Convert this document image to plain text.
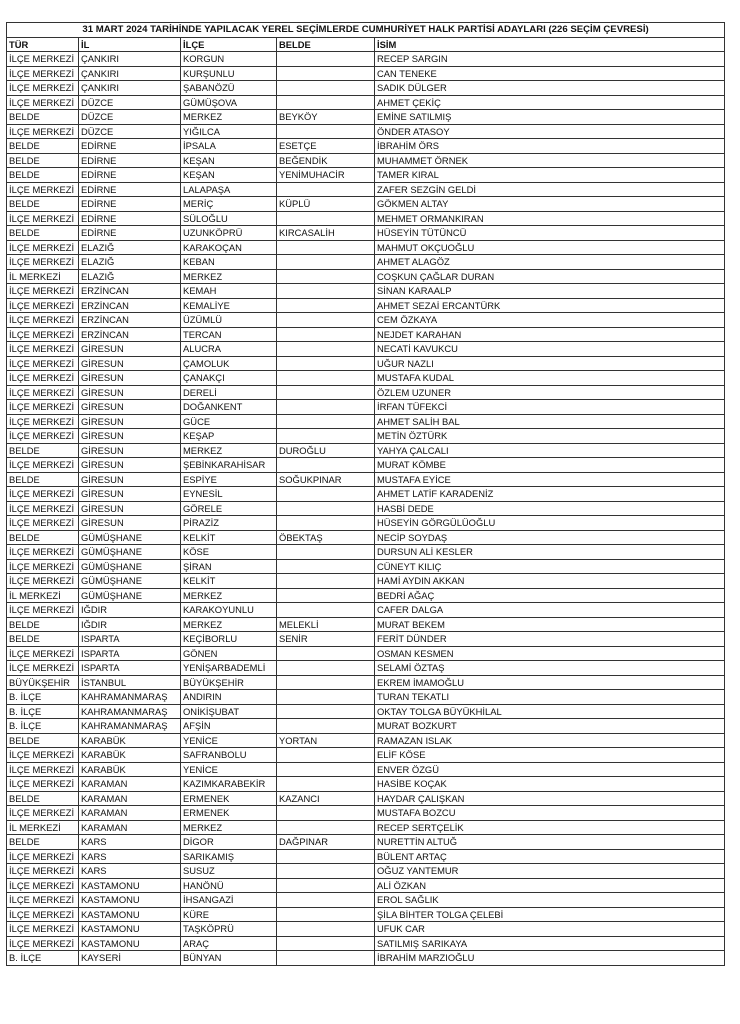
31 MART 2024 TARİHİNDE YAPILACAK YEREL SEÇİMLERDE CUMHURİYET HALK PARTİSİ ADAYLARI (226 SEÇİM ÇEVRESİ)				
TÜR	İL	İLÇE	BELDE	İSİM
İLÇE MERKEZİ	ÇANKIRI	KORGUN		RECEP SARGIN
İLÇE MERKEZİ	ÇANKIRI	KURŞUNLU		CAN TENEKE
İLÇE MERKEZİ	ÇANKIRI	ŞABANÖZÜ		SADIK DÜLGER
İLÇE MERKEZİ	DÜZCE	GÜMÜŞOVA		AHMET ÇEKİÇ
BELDE	DÜZCE	MERKEZ	BEYKÖY	EMİNE SATILMIŞ
İLÇE MERKEZİ	DÜZCE	YIĞILCA		ÖNDER ATASOY
BELDE	EDİRNE	İPSALA	ESETÇE	İBRAHİM ÖRS
BELDE	EDİRNE	KEŞAN	BEĞENDİK	MUHAMMET ÖRNEK
BELDE	EDİRNE	KEŞAN	YENİMUHACİR	TAMER KIRAL
İLÇE MERKEZİ	EDİRNE	LALAPAŞA		ZAFER SEZGİN GELDİ
BELDE	EDİRNE	MERİÇ	KÜPLÜ	GÖKMEN ALTAY
İLÇE MERKEZİ	EDİRNE	SÜLOĞLU		MEHMET ORMANKIRAN
BELDE	EDİRNE	UZUNKÖPRÜ	KIRCASALİH	HÜSEYİN TÜTÜNCÜ
İLÇE MERKEZİ	ELAZIĞ	KARAKOÇAN		MAHMUT OKÇUOĞLU
İLÇE MERKEZİ	ELAZIĞ	KEBAN		AHMET ALAGÖZ
İL MERKEZİ	ELAZIĞ	MERKEZ		COŞKUN ÇAĞLAR DURAN
İLÇE MERKEZİ	ERZİNCAN	KEMAH		SİNAN KARAALP
İLÇE MERKEZİ	ERZİNCAN	KEMALİYE		AHMET SEZAİ ERCANTÜRK
İLÇE MERKEZİ	ERZİNCAN	ÜZÜMLÜ		CEM ÖZKAYA
İLÇE MERKEZİ	ERZİNCAN	TERCAN		NEJDET KARAHAN
İLÇE MERKEZİ	GİRESUN	ALUCRA		NECATİ KAVUKCU
İLÇE MERKEZİ	GİRESUN	ÇAMOLUK		UĞUR NAZLI
İLÇE MERKEZİ	GİRESUN	ÇANAKÇI		MUSTAFA KUDAL
İLÇE MERKEZİ	GİRESUN	DERELİ		ÖZLEM UZUNER
İLÇE MERKEZİ	GİRESUN	DOĞANKENT		İRFAN TÜFEKCİ
İLÇE MERKEZİ	GİRESUN	GÜCE		AHMET SALİH BAL
İLÇE MERKEZİ	GİRESUN	KEŞAP		METİN ÖZTÜRK
BELDE	GİRESUN	MERKEZ	DUROĞLU	YAHYA ÇALCALI
İLÇE MERKEZİ	GİRESUN	ŞEBİNKARAHİSAR		MURAT KÖMBE
BELDE	GİRESUN	ESPİYE	SOĞUKPINAR	MUSTAFA EYİCE
İLÇE MERKEZİ	GİRESUN	EYNESİL		AHMET LATİF KARADENİZ
İLÇE MERKEZİ	GİRESUN	GÖRELE		HASBİ DEDE
İLÇE MERKEZİ	GİRESUN	PİRAZİZ		HÜSEYİN GÖRGÜLÜOĞLU
BELDE	GÜMÜŞHANE	KELKİT	ÖBEKTAŞ	NECİP SOYDAŞ
İLÇE MERKEZİ	GÜMÜŞHANE	KÖSE		DURSUN ALİ KESLER
İLÇE MERKEZİ	GÜMÜŞHANE	ŞİRAN		CÜNEYT KILIÇ
İLÇE MERKEZİ	GÜMÜŞHANE	KELKİT		HAMİ AYDIN AKKAN
İL MERKEZİ	GÜMÜŞHANE	MERKEZ		BEDRİ AĞAÇ
İLÇE MERKEZİ	IĞDIR	KARAKOYUNLU		CAFER DALGA
BELDE	IĞDIR	MERKEZ	MELEKLİ	MURAT BEKEM
BELDE	ISPARTA	KEÇİBORLU	SENİR	FERİT DÜNDER
İLÇE MERKEZİ	ISPARTA	GÖNEN		OSMAN KESMEN
İLÇE MERKEZİ	ISPARTA	YENİŞARBADEMLİ		SELAMİ ÖZTAŞ
BÜYÜKŞEHİR	İSTANBUL	BÜYÜKŞEHİR		EKREM İMAMOĞLU
B. İLÇE	KAHRAMANMARAŞ	ANDIRIN		TURAN TEKATLI
B. İLÇE	KAHRAMANMARAŞ	ONİKİŞUBAT		OKTAY TOLGA BÜYÜKHİLAL
B. İLÇE	KAHRAMANMARAŞ	AFŞİN		MURAT BOZKURT
BELDE	KARABÜK	YENİCE	YORTAN	RAMAZAN ISLAK
İLÇE MERKEZİ	KARABÜK	SAFRANBOLU		ELİF KÖSE
İLÇE MERKEZİ	KARABÜK	YENİCE		ENVER ÖZGÜ
İLÇE MERKEZİ	KARAMAN	KAZIMKARABEKİR		HASİBE KOÇAK
BELDE	KARAMAN	ERMENEK	KAZANCI	HAYDAR ÇALIŞKAN
İLÇE MERKEZİ	KARAMAN	ERMENEK		MUSTAFA BOZCU
İL MERKEZİ	KARAMAN	MERKEZ		RECEP SERTÇELİK
BELDE	KARS	DİGOR	DAĞPINAR	NURETTİN ALTUĞ
İLÇE MERKEZİ	KARS	SARIKAMIŞ		BÜLENT ARTAÇ
İLÇE MERKEZİ	KARS	SUSUZ		OĞUZ YANTEMUR
İLÇE MERKEZİ	KASTAMONU	HANÖNÜ		ALİ ÖZKAN
İLÇE MERKEZİ	KASTAMONU	İHSANGAZİ		EROL SAĞLIK
İLÇE MERKEZİ	KASTAMONU	KÜRE		ŞİLA BİHTER TOLGA ÇELEBİ
İLÇE MERKEZİ	KASTAMONU	TAŞKÖPRÜ		UFUK CAR
İLÇE MERKEZİ	KASTAMONU	ARAÇ		SATILMIŞ SARIKAYA
B. İLÇE	KAYSERİ	BÜNYAN		İBRAHİM MARZIOĞLU
